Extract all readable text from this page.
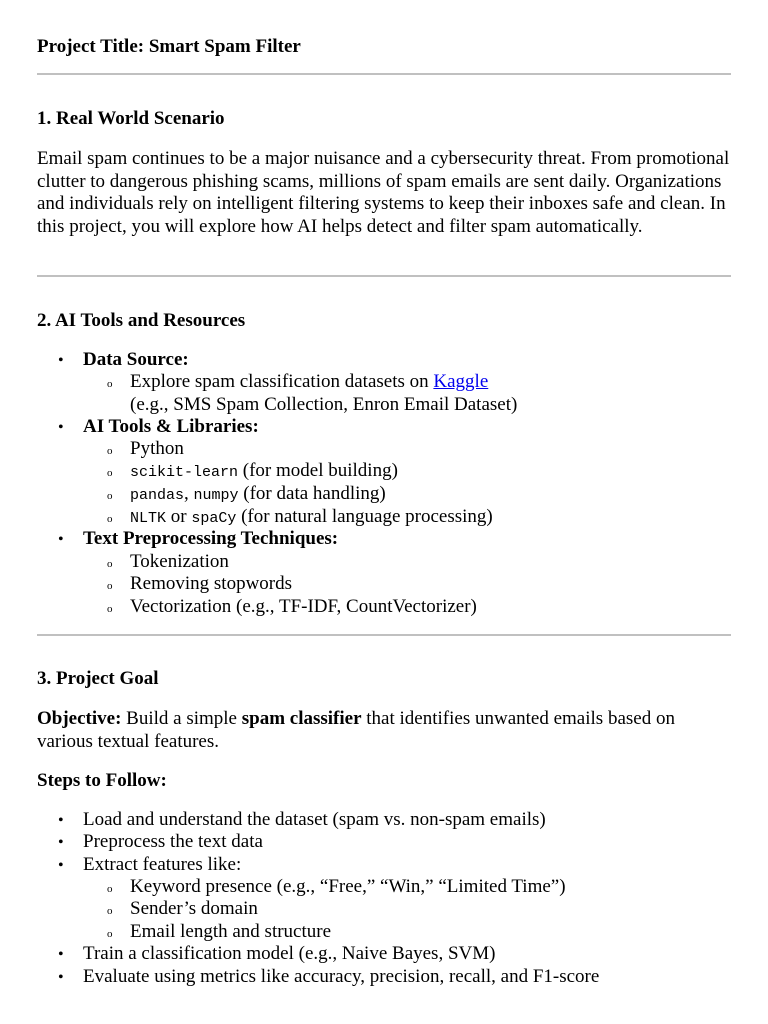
Project Title: Smart Spam Filter
1. Real World Scenario

Email spam continues to be a major nuisance and a cybersecurity threat. From promotional clutter to dangerous phishing scams, millions of spam emails are sent daily. Organizations and individuals rely on intelligent filtering systems to keep their inboxes safe and clean. In this project, you will explore how AI helps detect and filter spam automatically.

2. AI Tools and Resources
• Data Source:
o Explore spam classification datasets on Kaggle
(e.g., SMS Spam Collection, Enron Email Dataset)
• AI Tools & Libraries:
o Python
o scikit-learn (for model building)
o pandas, numpy (for data handling)
o NLTK or spaCy (for natural language processing)
• Text Preprocessing Techniques:
o Tokenization
o Removing stopwords
o Vectorization (e.g., TF-IDF, CountVectorizer)
3. Project Goal

Objective: Build a simple spam classifier that identifies unwanted emails based on various textual features.

Steps to Follow:
• Load and understand the dataset (spam vs. non-spam emails)
• Preprocess the text data
• Extract features like:
o Keyword presence (e.g., “Free,” “Win,” “Limited Time”)
o Sender’s domain
o Email length and structure
• Train a classification model (e.g., Naive Bayes, SVM)
• Evaluate using metrics like accuracy, precision, recall, and F1-score
